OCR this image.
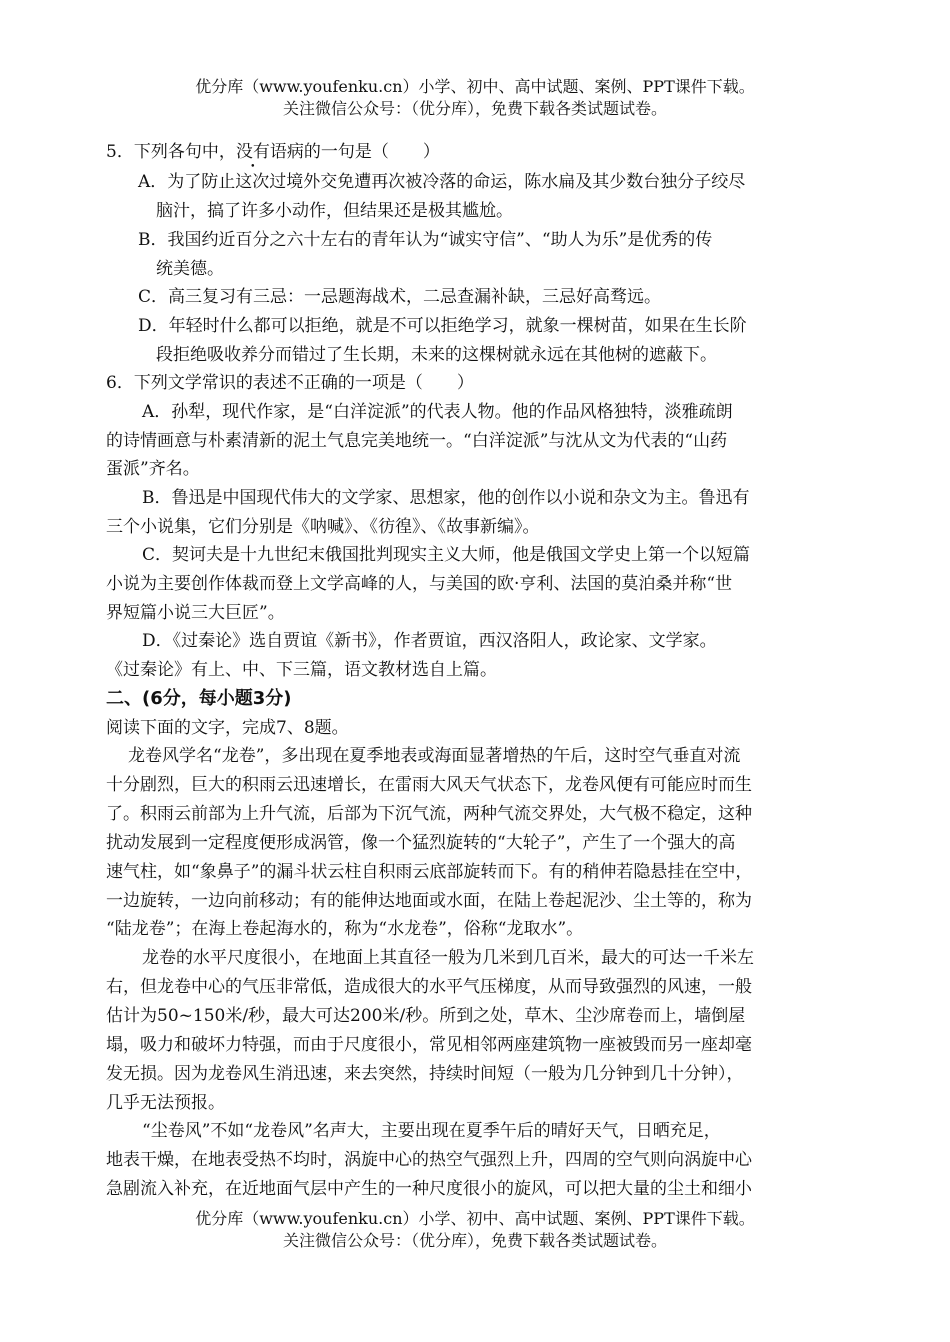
优分库（www.youfenku.cn）小学、初中、高中试题、案例、PPT课件下载。

关注微信公众号：（优分库），免费下载各类试题试卷。

5．下列各句中，没有语病的一句是（　　）
A．为了防止这次过境外交免遭再次被冷落的命运，陈水扁及其少数台独分子绞尽
脑汁，搞了许多小动作，但结果还是极其尴尬。
B．我国约近百分之六十左右的青年认为“诚实守信”、“助人为乐”是优秀的传
统美德。
C．高三复习有三忌：一忌题海战术，二忌查漏补缺，三忌好高骛远。
D．年轻时什么都可以拒绝，就是不可以拒绝学习，就象一棵树苗，如果在生长阶
段拒绝吸收养分而错过了生长期，未来的这棵树就永远在其他树的遮蔽下。
6．下列文学常识的表述不正确的一项是（　　）
A．孙犁，现代作家，是“白洋淀派”的代表人物。他的作品风格独特，淡雅疏朗
的诗情画意与朴素清新的泥土气息完美地统一。“白洋淀派”与沈从文为代表的“山药
蛋派”齐名。
B．鲁迅是中国现代伟大的文学家、思想家，他的创作以小说和杂文为主。鲁迅有
三个小说集，它们分别是《呐喊》、《彷徨》、《故事新编》。
C．契诃夫是十九世纪末俄国批判现实主义大师，他是俄国文学史上第一个以短篇
小说为主要创作体裁而登上文学高峰的人，与美国的欧·亨利、法国的莫泊桑并称“世
界短篇小说三大巨匠”。
D．《过秦论》选自贾谊《新书》，作者贾谊，西汉洛阳人，政论家、文学家。
《过秦论》有上、中、下三篇，语文教材选自上篇。
二、(6分，每小题3分)
阅读下面的文字，完成7、8题。
龙卷风学名“龙卷”，多出现在夏季地表或海面显著增热的午后，这时空气垂直对流
十分剧烈，巨大的积雨云迅速增长，在雷雨大风天气状态下，龙卷风便有可能应时而生
了。积雨云前部为上升气流，后部为下沉气流，两种气流交界处，大气极不稳定，这种
扰动发展到一定程度便形成涡管，像一个猛烈旋转的“大轮子”，产生了一个强大的高
速气柱，如“象鼻子”的漏斗状云柱自积雨云底部旋转而下。有的稍伸若隐悬挂在空中，
一边旋转，一边向前移动；有的能伸达地面或水面，在陆上卷起泥沙、尘土等的，称为
“陆龙卷”；在海上卷起海水的，称为“水龙卷”，俗称“龙取水”。
龙卷的水平尺度很小，在地面上其直径一般为几米到几百米，最大的可达一千米左
右，但龙卷中心的气压非常低，造成很大的水平气压梯度，从而导致强烈的风速，一般
估计为50~150米/秒，最大可达200米/秒。所到之处，草木、尘沙席卷而上，墙倒屋
塌，吸力和破坏力特强，而由于尺度很小，常见相邻两座建筑物一座被毁而另一座却毫
发无损。因为龙卷风生消迅速，来去突然，持续时间短（一般为几分钟到几十分钟），
几乎无法预报。
“尘卷风”不如“龙卷风”名声大，主要出现在夏季午后的晴好天气，日晒充足，
地表干燥，在地表受热不均时，涡旋中心的热空气强烈上升，四周的空气则向涡旋中心
急剧流入补充，在近地面气层中产生的一种尺度很小的旋风，可以把大量的尘土和细小

优分库（www.youfenku.cn）小学、初中、高中试题、案例、PPT课件下载。

关注微信公众号：（优分库），免费下载各类试题试卷。
